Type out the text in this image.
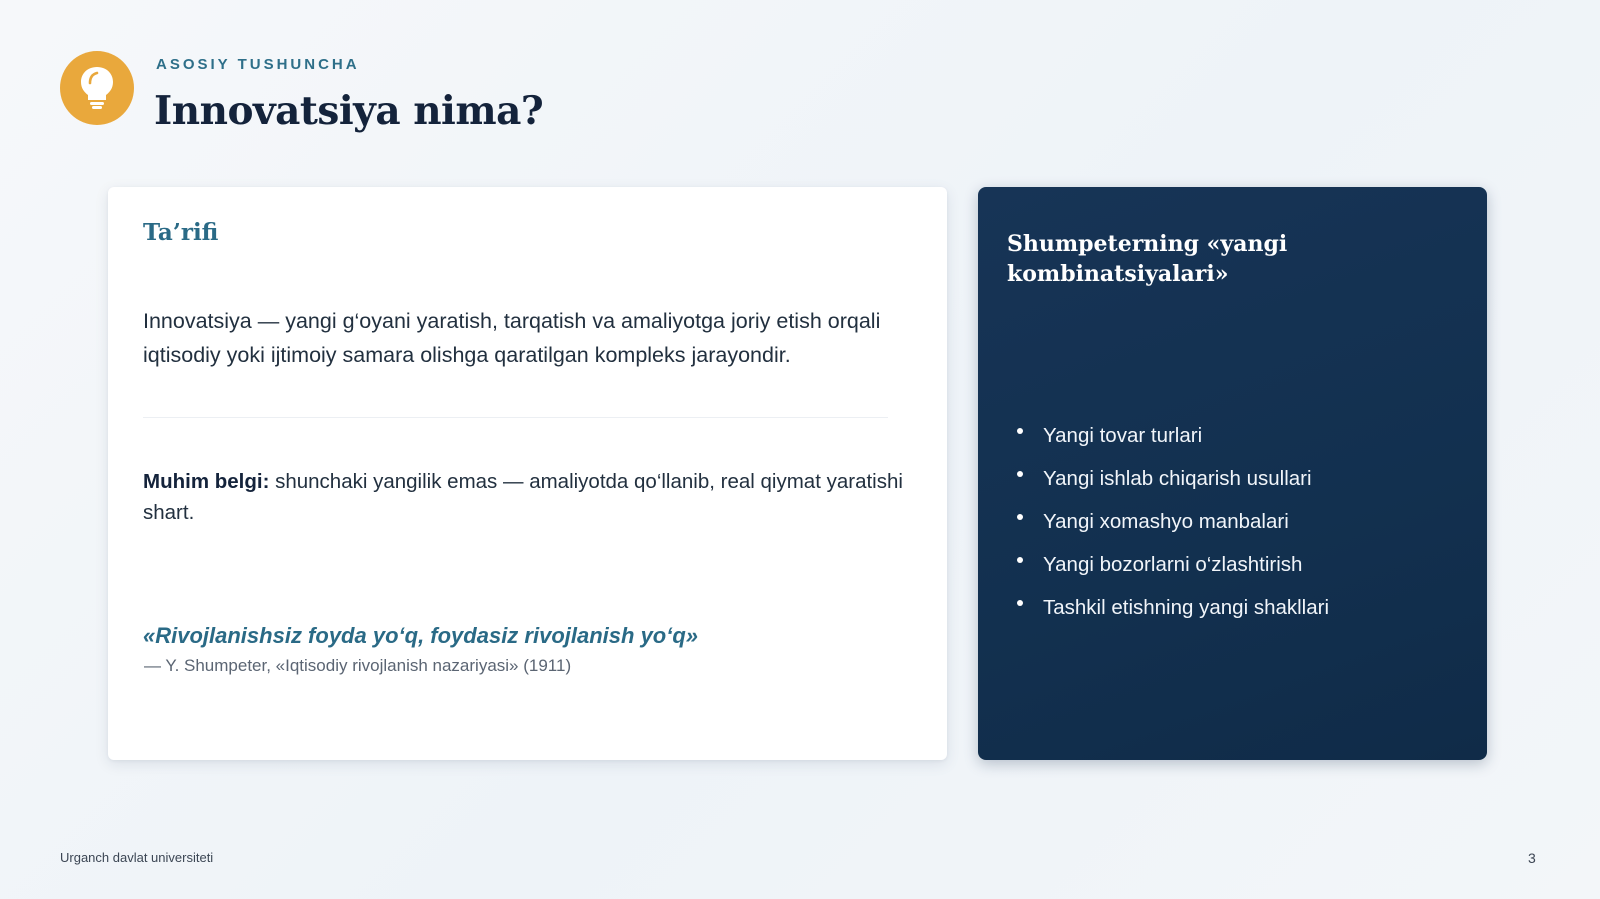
ASOSIY TUSHUNCHA
Innovatsiya nima?
Ta’rifi
Innovatsiya — yangi g‘oyani yaratish, tarqatish va amaliyotga joriy etish orqali iqtisodiy yoki ijtimoiy samara olishga qaratilgan kompleks jarayondir.
Muhim belgi: shunchaki yangilik emas — amaliyotda qo‘llanib, real qiymat yaratishi shart.
«Rivojlanishsiz foyda yo‘q, foydasiz rivojlanish yo‘q»
— Y. Shumpeter, «Iqtisodiy rivojlanish nazariyasi» (1911)
Shumpeterning «yangi kombinatsiyalari»
Yangi tovar turlari
Yangi ishlab chiqarish usullari
Yangi xomashyo manbalari
Yangi bozorlarni o‘zlashtirish
Tashkil etishning yangi shakllari
Urganch davlat universiteti	3
